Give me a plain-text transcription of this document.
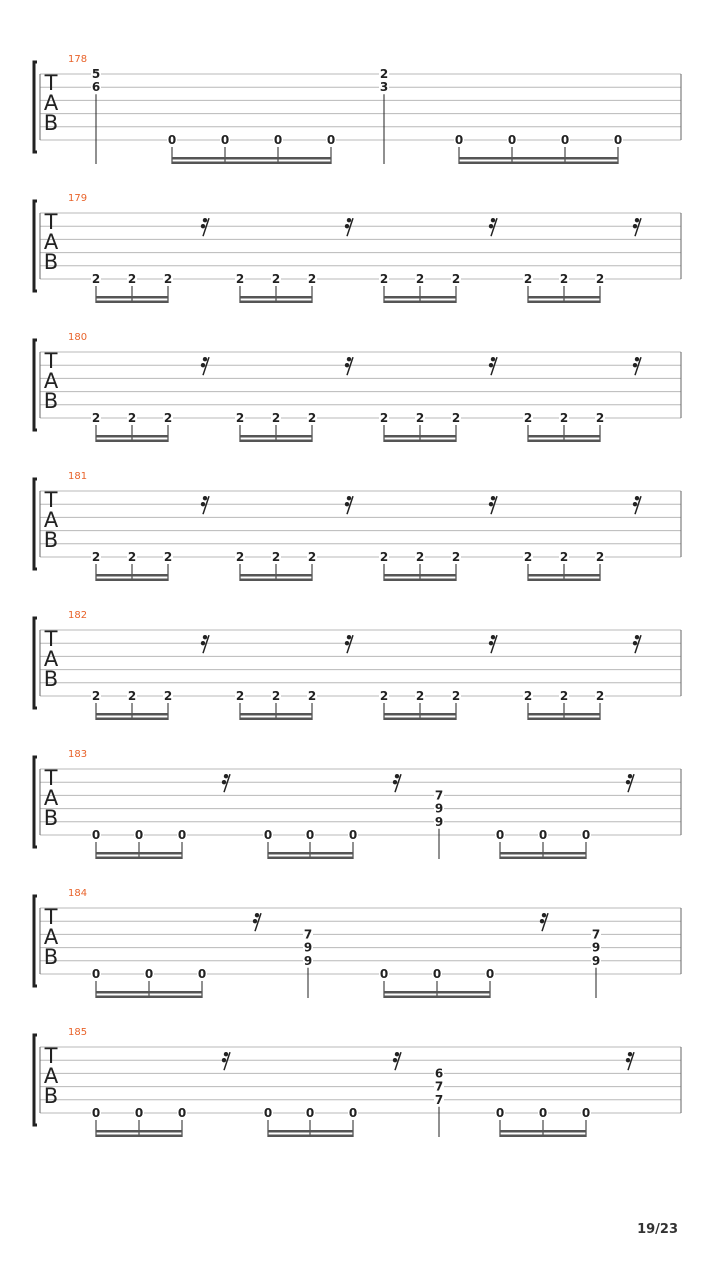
T
A
B
178
5
6
0	0	0	0
2
3
0	0	0	0
T
A
B
179
2 2 2	2 2 2	2 2 2	2 2 2
T
A
B
180
2 2 2	2 2 2	2 2 2	2 2 2
T
A
B
181
2 2 2	2 2 2	2 2 2	2 2 2
T
A
B
182
2 2 2	2 2 2	2 2 2	2 2 2
T
A
B
183
0	0	0	0	0	0
7
9
9
0	0	0
T
A
B
184
0	0	0
7
9
9
0	0	0
7
9
9
T
A
B
185
0	0	0	0	0	0
6
7
7
0	0	0
19/23
